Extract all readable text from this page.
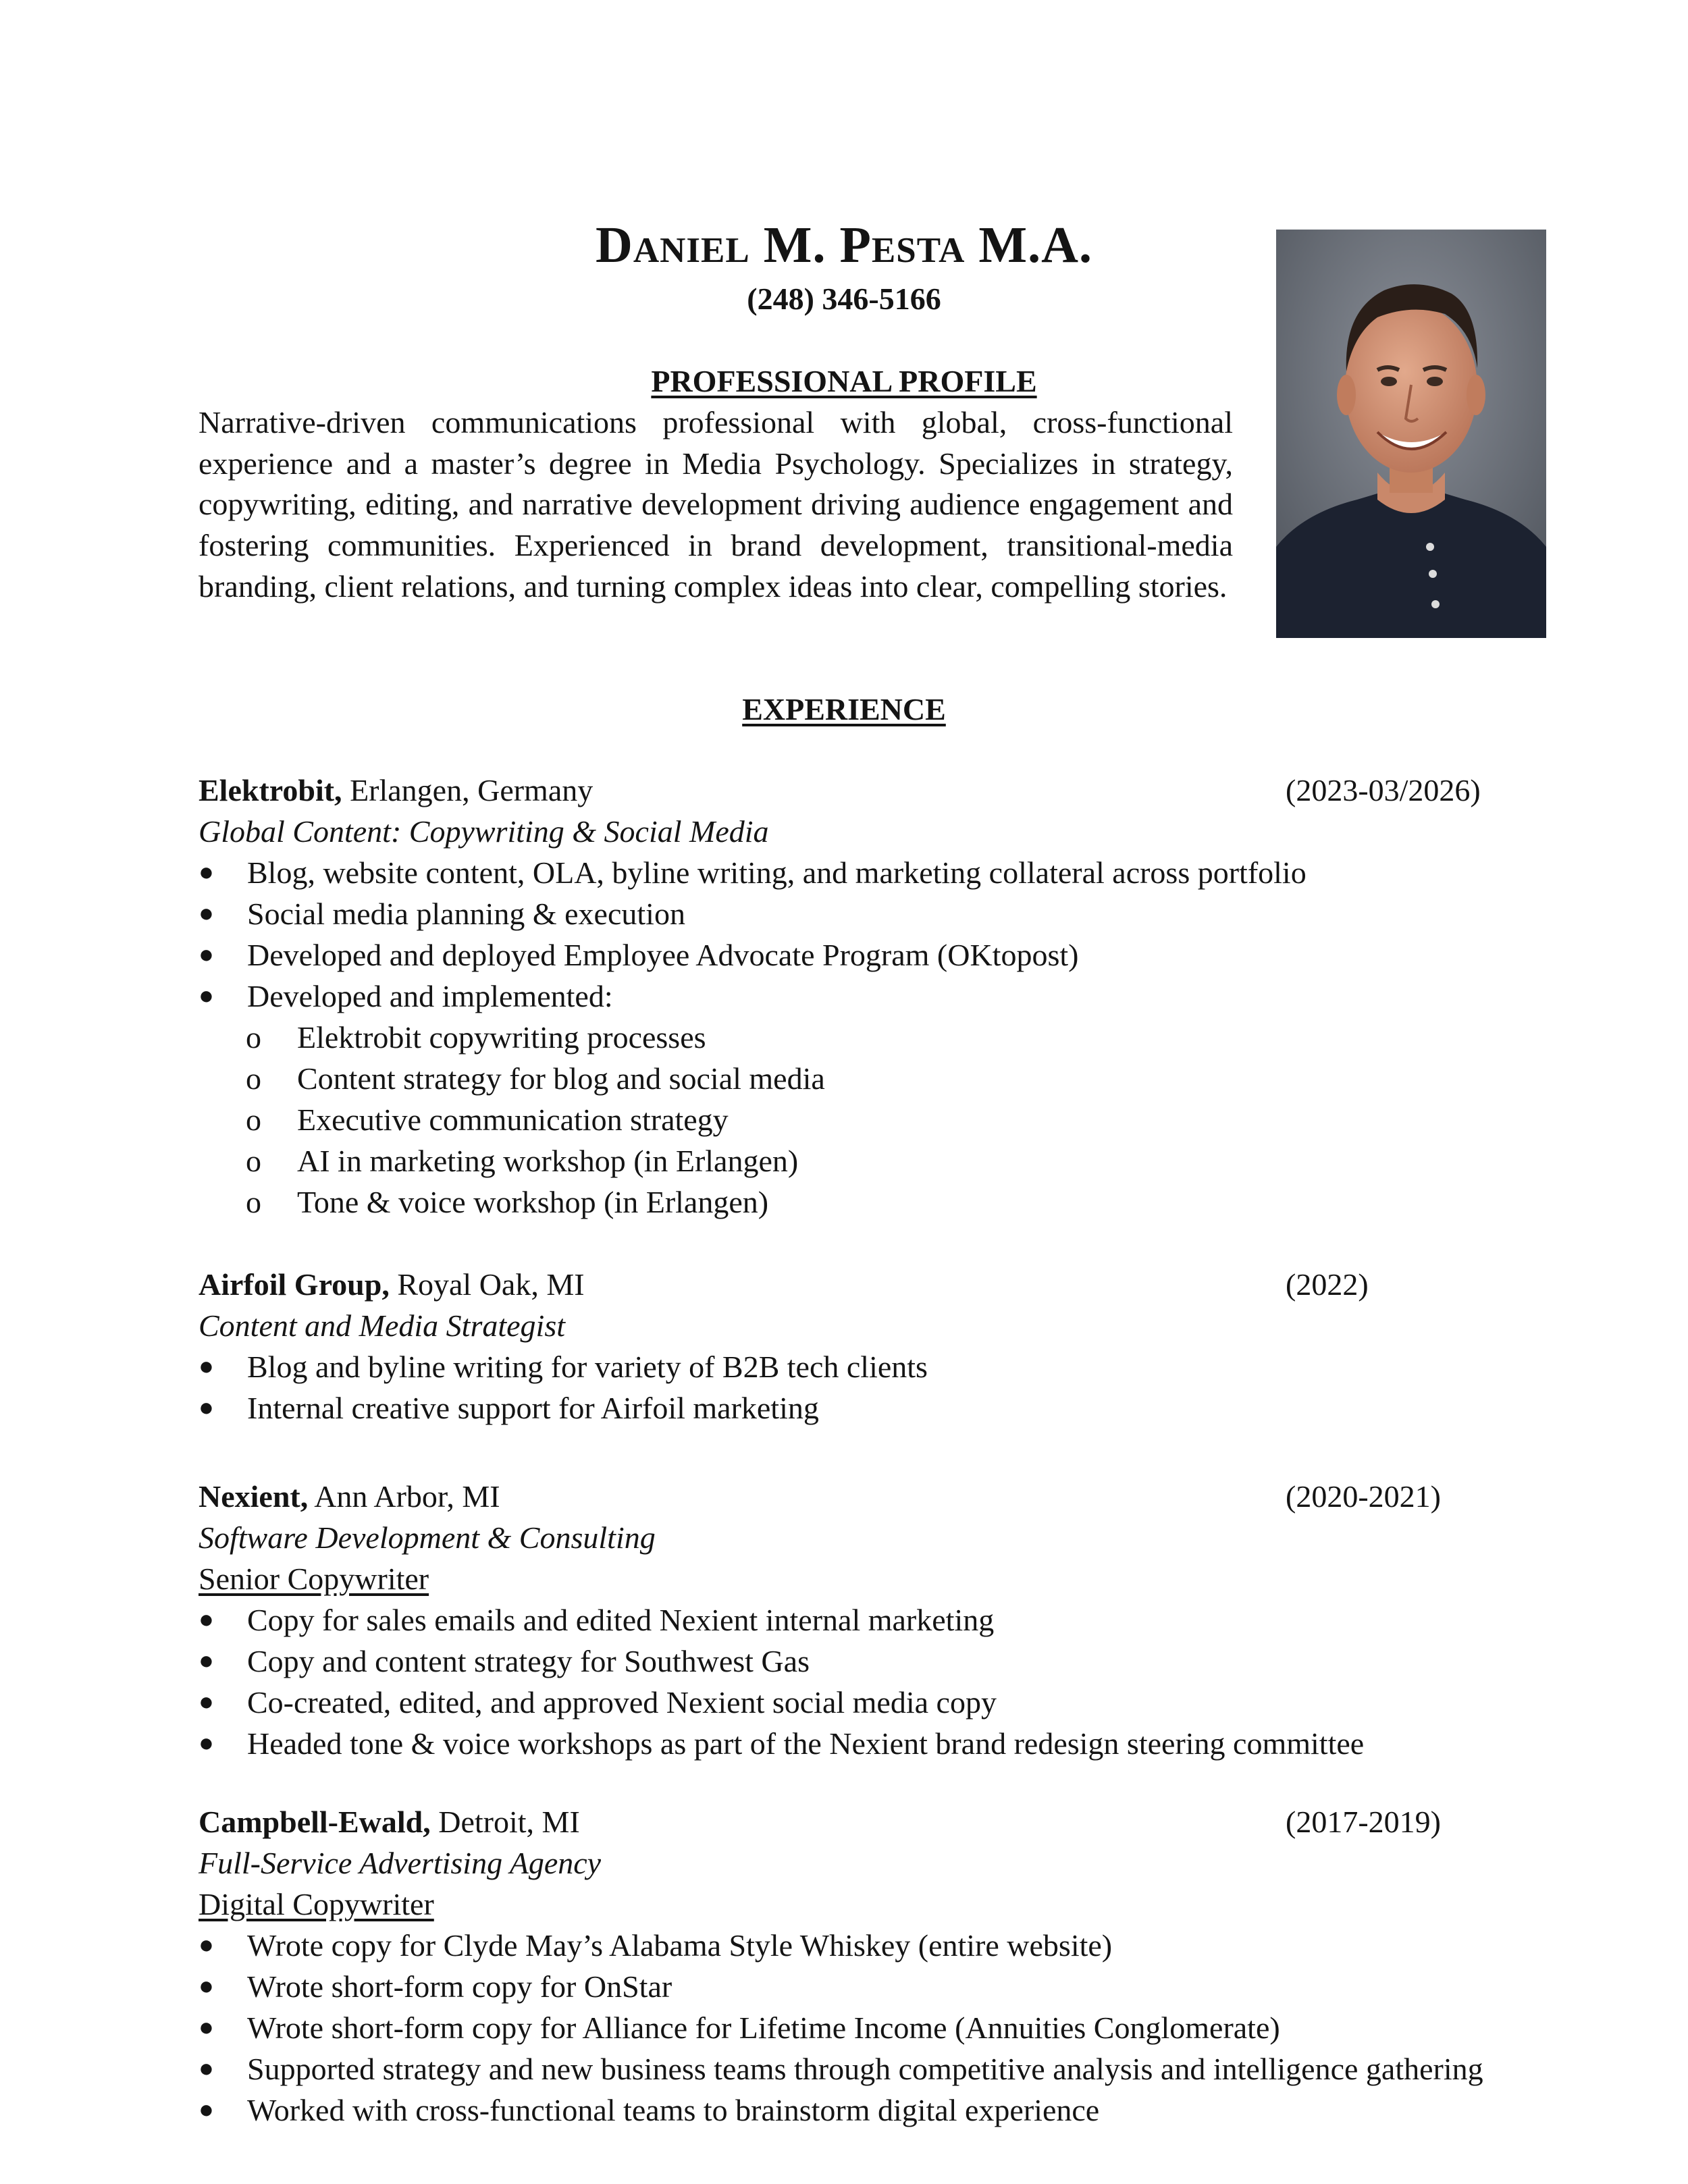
Daniel M. Pesta M.A.
(248) 346-5166
PROFESSIONAL PROFILE
Narrative-driven communications professional with global, cross-functional experience and a master’s degree in Media Psychology. Specializes in strategy, copywriting, editing, and narrative development driving audience engagement and fostering communities. Experienced in brand development, transitional-media branding, client relations, and turning complex ideas into clear, compelling stories.
EXPERIENCE
Elektrobit, Erlangen, Germany	(2023-03/2026)
Global Content: Copywriting & Social Media
● Blog, website content, OLA, byline writing, and marketing collateral across portfolio
● Social media planning & execution
● Developed and deployed Employee Advocate Program (OKtopost)
● Developed and implemented:
o Elektrobit copywriting processes
o Content strategy for blog and social media
o Executive communication strategy
o AI in marketing workshop (in Erlangen)
o Tone & voice workshop (in Erlangen)
Airfoil Group, Royal Oak, MI	(2022)
Content and Media Strategist
● Blog and byline writing for variety of B2B tech clients
● Internal creative support for Airfoil marketing
Nexient, Ann Arbor, MI	(2020-2021)
Software Development & Consulting
Senior Copywriter
● Copy for sales emails and edited Nexient internal marketing
● Copy and content strategy for Southwest Gas
● Co-created, edited, and approved Nexient social media copy
● Headed tone & voice workshops as part of the Nexient brand redesign steering committee
Campbell-Ewald, Detroit, MI	(2017-2019)
Full-Service Advertising Agency
Digital Copywriter
● Wrote copy for Clyde May’s Alabama Style Whiskey (entire website)
● Wrote short-form copy for OnStar
● Wrote short-form copy for Alliance for Lifetime Income (Annuities Conglomerate)
● Supported strategy and new business teams through competitive analysis and intelligence gathering
● Worked with cross-functional teams to brainstorm digital experience
